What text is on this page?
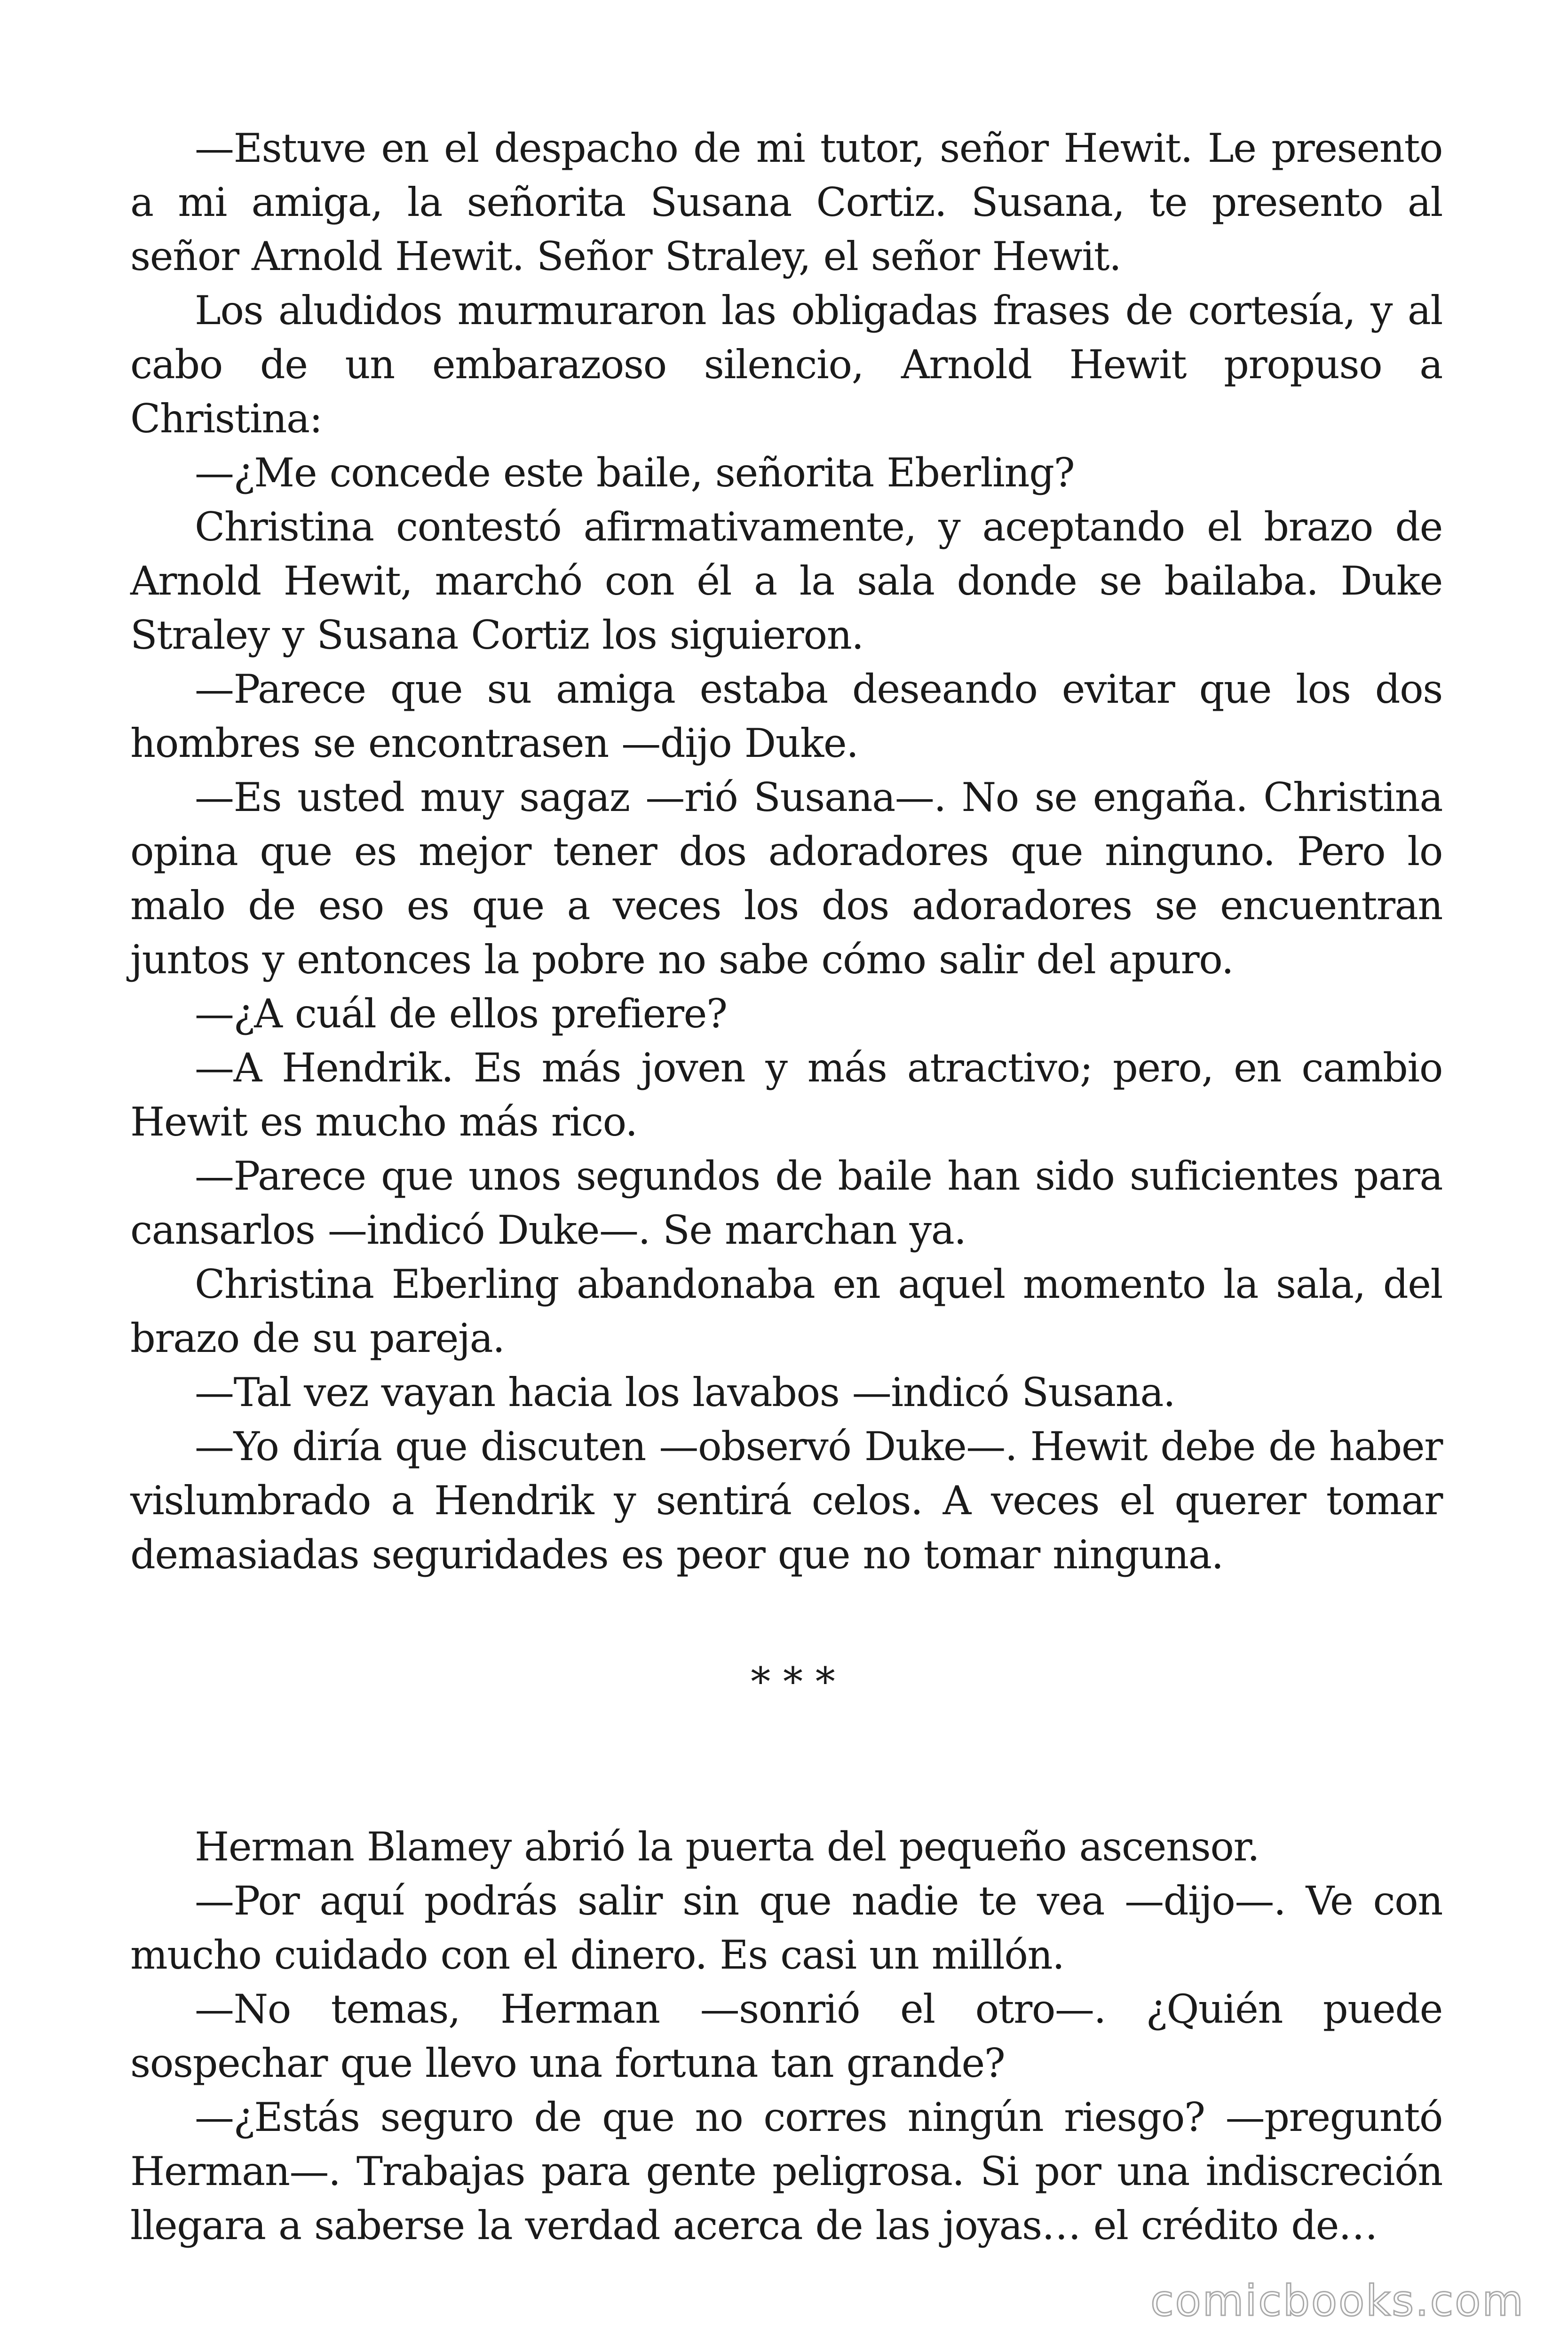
—Estuve en el despacho de mi tutor, señor Hewit. Le presento a mi amiga, la señorita Susana Cortiz. Susana, te presento al señor Arnold Hewit. Señor Straley, el señor Hewit.

Los aludidos murmuraron las obligadas frases de cortesía, y al cabo de un embarazoso silencio, Arnold Hewit propuso a Christina:

—¿Me concede este baile, señorita Eberling?

Christina contestó afirmativamente, y aceptando el brazo de Arnold Hewit, marchó con él a la sala donde se bailaba. Duke Straley y Susana Cortiz los siguieron.

—Parece que su amiga estaba deseando evitar que los dos hombres se encontrasen —dijo Duke.

—Es usted muy sagaz —rió Susana—. No se engaña. Christina opina que es mejor tener dos adoradores que ninguno. Pero lo malo de eso es que a veces los dos adoradores se encuentran juntos y entonces la pobre no sabe cómo salir del apuro.

—¿A cuál de ellos prefiere?

—A Hendrik. Es más joven y más atractivo; pero, en cambio Hewit es mucho más rico.

—Parece que unos segundos de baile han sido suficientes para cansarlos —indicó Duke—. Se marchan ya.

Christina Eberling abandonaba en aquel momento la sala, del brazo de su pareja.

—Tal vez vayan hacia los lavabos —indicó Susana.

—Yo diría que discuten —observó Duke—. Hewit debe de haber vislumbrado a Hendrik y sentirá celos. A veces el querer tomar demasiadas seguridades es peor que no tomar ninguna.

* * *

Herman Blamey abrió la puerta del pequeño ascensor.

—Por aquí podrás salir sin que nadie te vea —dijo—. Ve con mucho cuidado con el dinero. Es casi un millón.

—No temas, Herman —sonrió el otro—. ¿Quién puede sospechar que llevo una fortuna tan grande?

—¿Estás seguro de que no corres ningún riesgo? —preguntó Herman—. Trabajas para gente peligrosa. Si por una indiscreción llegara a saberse la verdad acerca de las joyas… el crédito de…

comicbooks.com
